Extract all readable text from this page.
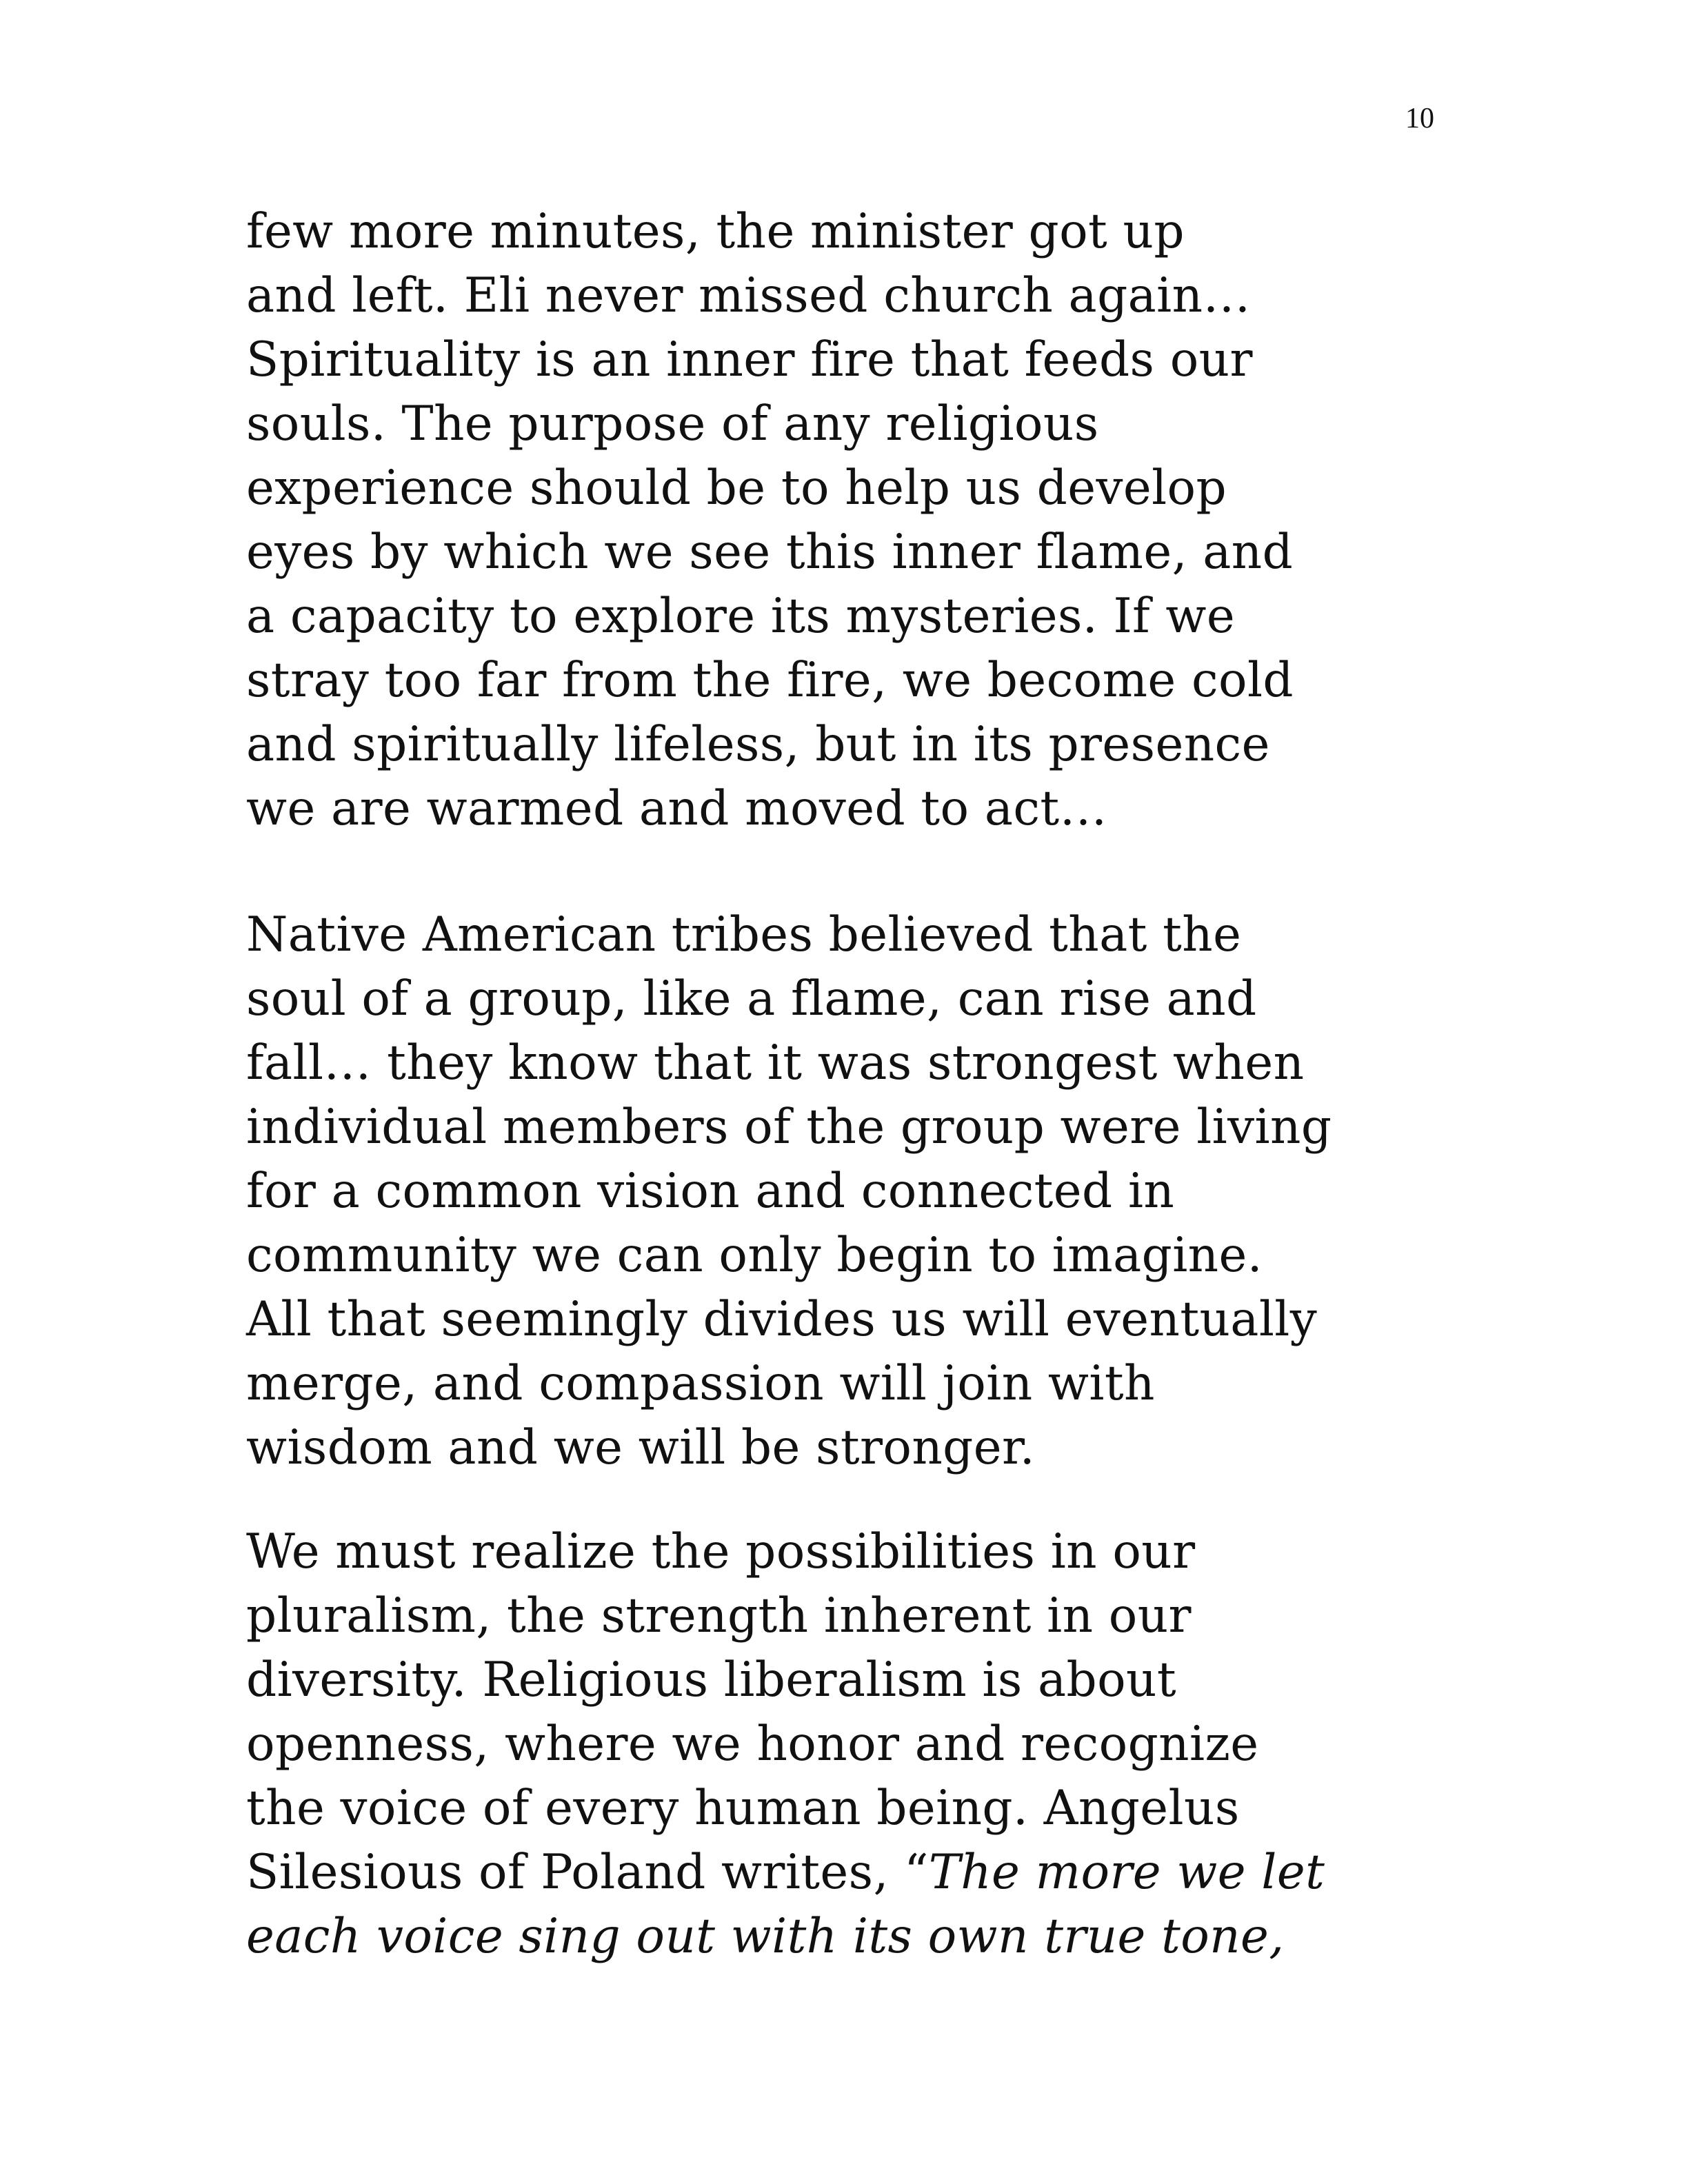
10
few more minutes, the minister got up
and left. Eli never missed church again…
Spirituality is an inner fire that feeds our
souls. The purpose of any religious
experience should be to help us develop
eyes by which we see this inner flame, and
a capacity to explore its mysteries. If we
stray too far from the fire, we become cold
and spiritually lifeless, but in its presence
we are warmed and moved to act…
Native American tribes believed that the
soul of a group, like a flame, can rise and
fall… they know that it was strongest when
individual members of the group were living
for a common vision and connected in
community we can only begin to imagine.
All that seemingly divides us will eventually
merge, and compassion will join with
wisdom and we will be stronger.
We must realize the possibilities in our
pluralism, the strength inherent in our
diversity. Religious liberalism is about
openness, where we honor and recognize
the voice of every human being. Angelus
Silesious of Poland writes, “The more we let
each voice sing out with its own true tone,
